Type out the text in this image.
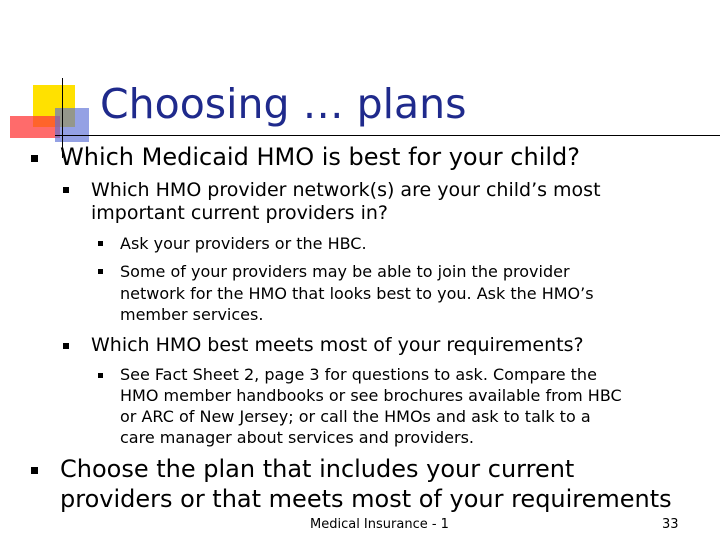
Choosing … plans
Which Medicaid HMO is best for your child?
Which HMO provider network(s) are your child’s most
important current providers in?
Ask your providers or the HBC.
Some of your providers may be able to join the provider
network for the HMO that looks best to you. Ask the HMO’s
member services.
Which HMO best meets most of your requirements?
See Fact Sheet 2, page 3 for questions to ask. Compare the
HMO member handbooks or see brochures available from HBC
or ARC of New Jersey; or call the HMOs and ask to talk to a
care manager about services and providers.
Choose the plan that includes your current
providers or that meets most of your requirements
Medical Insurance - 1	33
